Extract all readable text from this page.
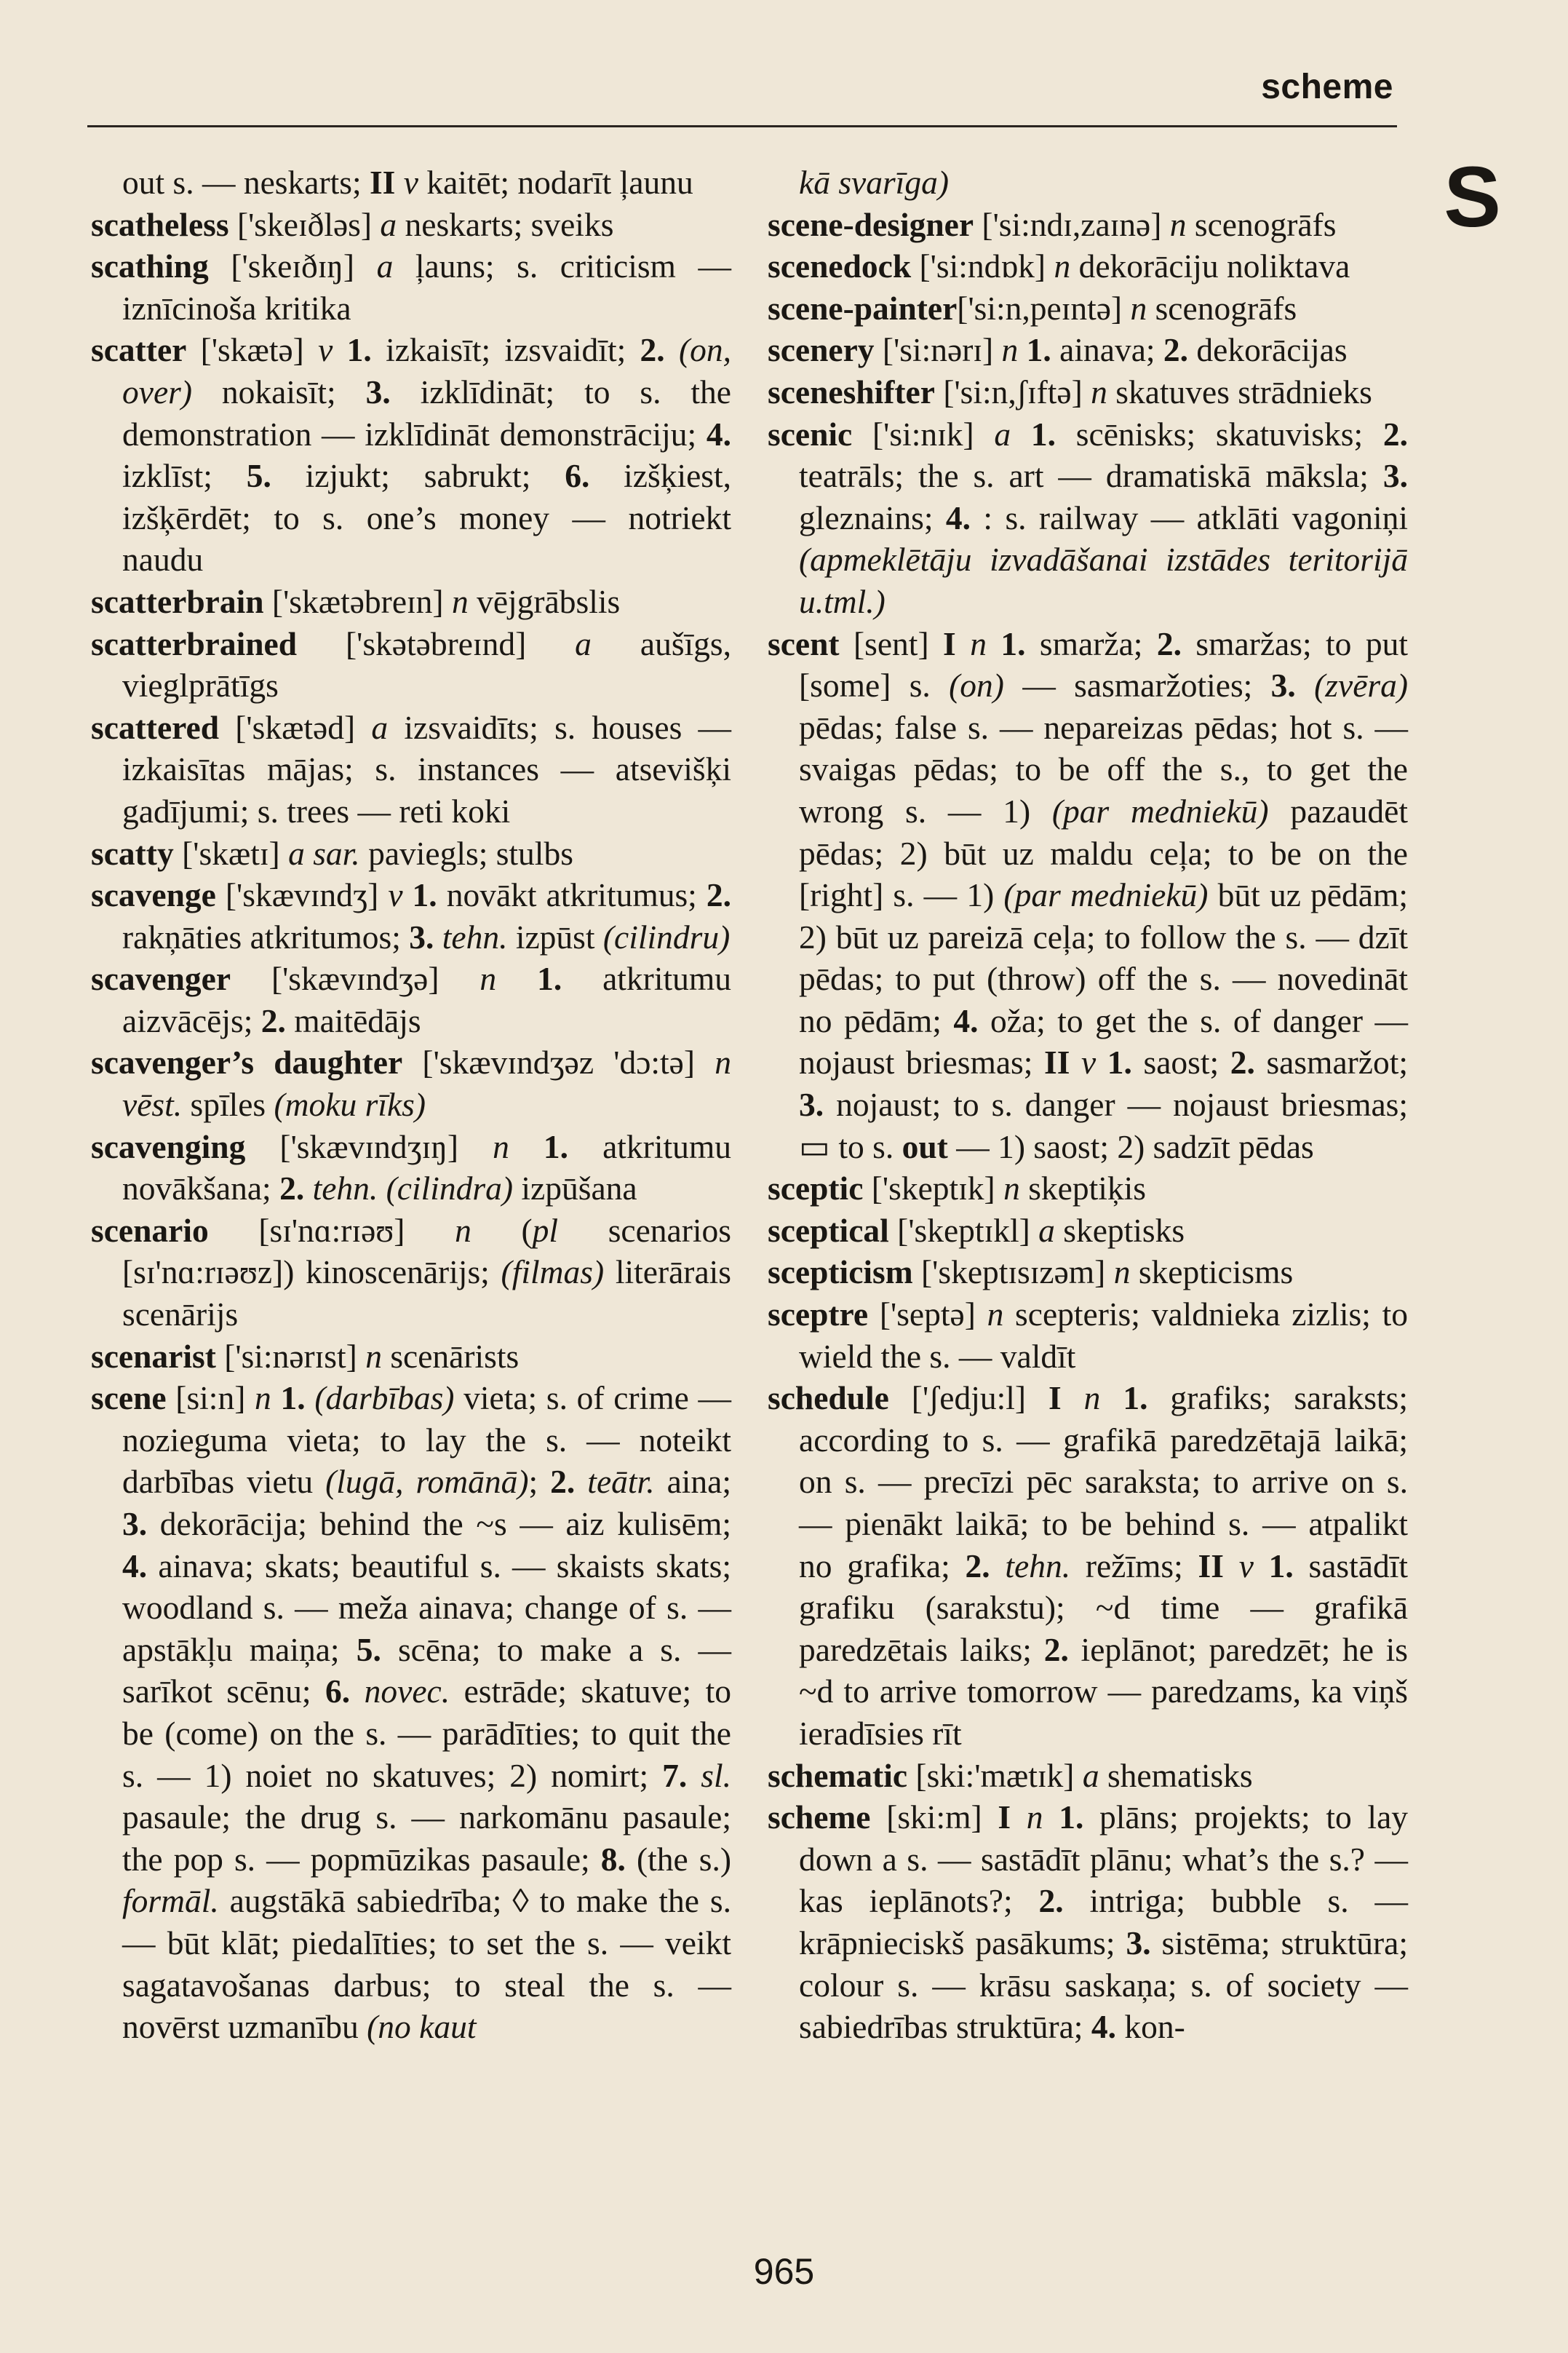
scheme
S

out s. — neskarts; II v kaitēt; nodarīt ļaunu

scatheless ['skeɪðləs] a neskarts; sveiks

scathing ['skeɪðɪŋ] a ļauns; s. criticism — iznīcinoša kritika

scatter ['skætə] v 1. izkaisīt; izsvaidīt; 2. (on, over) nokaisīt; 3. izklīdināt; to s. the demonstration — izklīdināt demonstrāciju; 4. izklīst; 5. izjukt; sabrukt; 6. izšķiest, izšķērdēt; to s. one’s money — notriekt naudu

scatterbrain ['skætəbreɪn] n vējgrābslis

scatterbrained ['skətəbreɪnd] a aušīgs, vieglprātīgs

scattered ['skætəd] a izsvaidīts; s. houses — izkaisītas mājas; s. instances — atsevišķi gadījumi; s. trees — reti koki

scatty ['skætɪ] a sar. paviegls; stulbs

scavenge ['skævɪndʒ] v 1. novākt atkritumus; 2. rakņāties atkritumos; 3. tehn. izpūst (cilindru)

scavenger ['skævɪndʒə] n 1. atkritumu aizvācējs; 2. maitēdājs

scavenger’s daughter ['skævɪndʒəz 'dɔ:tə] n vēst. spīles (moku rīks)

scavenging ['skævɪndʒɪŋ] n 1. atkritumu novākšana; 2. tehn. (cilindra) izpūšana

scenario [sɪ'nɑ:rɪəʊ] n (pl scenarios [sɪ'nɑ:rɪəʊz]) kinoscenārijs; (filmas) literārais scenārijs

scenarist ['si:nərɪst] n scenārists

scene [si:n] n 1. (darbības) vieta; s. of crime — nozieguma vieta; to lay the s. — noteikt darbības vietu (lugā, romānā); 2. teātr. aina; 3. dekorācija; behind the ~s — aiz kulisēm; 4. ainava; skats; beautiful s. — skaists skats; woodland s. — meža ainava; change of s. — apstākļu maiņa; 5. scēna; to make a s. — sarīkot scēnu; 6. novec. estrāde; skatuve; to be (come) on the s. — parādīties; to quit the s. — 1) noiet no skatuves; 2) nomirt; 7. sl. pasaule; the drug s. — narkomānu pasaule; the pop s. — popmūzikas pasaule; 8. (the s.) formāl. augstākā sabiedrība; ◊ to make the s. — būt klāt; piedalīties; to set the s. — veikt sagatavošanas darbus; to steal the s. — novērst uzmanību (no kaut

kā svarīga)

scene-designer ['si:ndɪ,zaɪnə] n scenogrāfs

scenedock ['si:ndɒk] n dekorāciju noliktava

scene-painter['si:n,peɪntə] n scenogrāfs

scenery ['si:nərɪ] n 1. ainava; 2. dekorācijas

sceneshifter ['si:n,ʃɪftə] n skatuves strādnieks

scenic ['si:nɪk] a 1. scēnisks; skatuvisks; 2. teatrāls; the s. art — dramatiskā māksla; 3. gleznains; 4. : s. railway — atklāti vagoniņi (apmeklētāju izvadāšanai izstādes teritorijā u.tml.)

scent [sent] I n 1. smarža; 2. smaržas; to put [some] s. (on) — sasmaržoties; 3. (zvēra) pēdas; false s. — nepareizas pēdas; hot s. — svaigas pēdas; to be off the s., to get the wrong s. — 1) (par medniekū) pazaudēt pēdas; 2) būt uz maldu ceļa; to be on the [right] s. — 1) (par medniekū) būt uz pēdām; 2) būt uz pareizā ceļa; to follow the s. — dzīt pēdas; to put (throw) off the s. — novedināt no pēdām; 4. oža; to get the s. of danger — nojaust briesmas; II v 1. saost; 2. sasmaržot; 3. nojaust; to s. danger — nojaust briesmas; ▭ to s. out — 1) saost; 2) sadzīt pēdas

sceptic ['skeptɪk] n skeptiķis

sceptical ['skeptɪkl] a skeptisks

scepticism ['skeptɪsɪzəm] n skepticisms

sceptre ['septə] n scepteris; valdnieka zizlis; to wield the s. — valdīt

schedule ['ʃedju:l] I n 1. grafiks; saraksts; according to s. — grafikā paredzētajā laikā; on s. — precīzi pēc saraksta; to arrive on s. — pienākt laikā; to be behind s. — atpalikt no grafika; 2. tehn. režīms; II v 1. sastādīt grafiku (sarakstu); ~d time — grafikā paredzētais laiks; 2. ieplānot; paredzēt; he is ~d to arrive tomorrow — paredzams, ka viņš ieradīsies rīt

schematic [ski:'mætɪk] a shematisks

scheme [ski:m] I n 1. plāns; projekts; to lay down a s. — sastādīt plānu; what’s the s.? — kas ieplānots?; 2. intriga; bubble s. — krāpnieciskš pasākums; 3. sistēma; struktūra; colour s. — krāsu saskaņa; s. of society — sabiedrības struktūra; 4. kon-

965
